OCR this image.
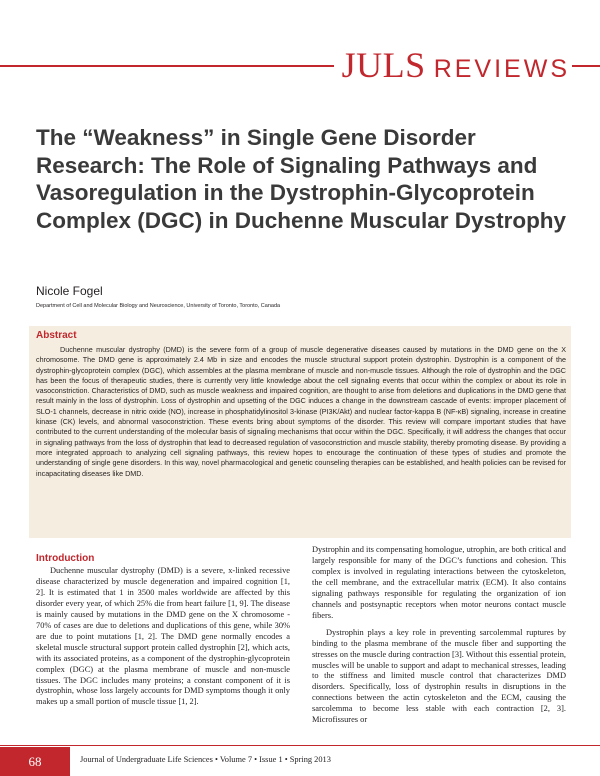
JULS REVIEWS
The “Weakness” in Single Gene Disorder Research: The Role of Signaling Pathways and Vasoregulation in the Dystrophin-Glycoprotein Complex (DGC) in Duchenne Muscular Dystrophy

Nicole Fogel

Department of Cell and Molecular Biology and Neuroscience, University of Toronto, Toronto, Canada

Abstract

Duchenne muscular dystrophy (DMD) is the severe form of a group of muscle degenerative diseases caused by mutations in the DMD gene on the X chromosome. The DMD gene is approximately 2.4 Mb in size and encodes the muscle structural support protein dystrophin. Dystrophin is a component of the dystrophin-glycoprotein complex (DGC), which assembles at the plasma membrane of muscle and non-muscle tissues. Although the role of dystrophin and the DGC has been the focus of therapeutic studies, there is currently very little knowledge about the cell signaling events that occur within the complex or about its role in vasoconstriction. Characteristics of DMD, such as muscle weakness and impaired cognition, are thought to arise from deletions and duplications in the DMD gene that result mainly in the loss of dystrophin. Loss of dystrophin and upsetting of the DGC induces a change in the downstream cascade of events: improper placement of SLO-1 channels, decrease in nitric oxide (NO), increase in phosphatidylinositol 3-kinase (PI3K/Akt) and nuclear factor-kappa B (NF-κB) signaling, increase in creatine kinase (CK) levels, and abnormal vasoconstriction. These events bring about symptoms of the disorder. This review will compare important studies that have contributed to the current understanding of the molecular basis of signaling mechanisms that occur within the DGC. Specifically, it will address the changes that occur in signaling pathways from the loss of dystrophin that lead to decreased regulation of vasoconstriction and muscle stability, thereby promoting disease. By providing a more integrated approach to analyzing cell signaling pathways, this review hopes to encourage the continuation of these types of studies and promote the understanding of single gene disorders. In this way, novel pharmacological and genetic counseling therapies can be established, and health policies can be revised for incapacitating diseases like DMD.

Introduction

Duchenne muscular dystrophy (DMD) is a severe, x-linked recessive disease characterized by muscle degeneration and impaired cognition [1, 2]. It is estimated that 1 in 3500 males worldwide are affected by this disorder every year, of which 25% die from heart failure [1, 9]. The disease is mainly caused by mutations in the DMD gene on the X chromosome - 70% of cases are due to deletions and duplications of this gene, while 30% are due to point mutations [1, 2]. The DMD gene normally encodes a skeletal muscle structural support protein called dystrophin [2], which acts, with its associated proteins, as a component of the dystrophin-glycoprotein complex (DGC) at the plasma membrane of muscle and non-muscle tissues. The DGC includes many proteins; a constant component of it is dystrophin, whose loss largely accounts for DMD symptoms though it only makes up a small portion of muscle tissue [1, 2].

Dystrophin and its compensating homologue, utrophin, are both critical and largely responsible for many of the DGC’s functions and cohesion. This complex is involved in regulating interactions between the cytoskeleton, the cell membrane, and the extracellular matrix (ECM). It also contains signaling pathways responsible for regulating the organization of ion channels and postsynaptic receptors when motor neurons contact muscle fibers.

Dystrophin plays a key role in preventing sarcolemmal ruptures by binding to the plasma membrane of the muscle fiber and supporting the stresses on the muscle during contraction [3]. Without this essential protein, muscles will be unable to support and adapt to mechanical stresses, leading to the stiffness and limited muscle control that characterizes DMD disorders. Specifically, loss of dystrophin results in disruptions in the connections between the actin cytoskeleton and the ECM, causing the sarcolemma to become less stable with each contraction [2, 3]. Microfissures or

68	Journal of Undergraduate Life Sciences • Volume 7 • Issue 1 • Spring 2013
